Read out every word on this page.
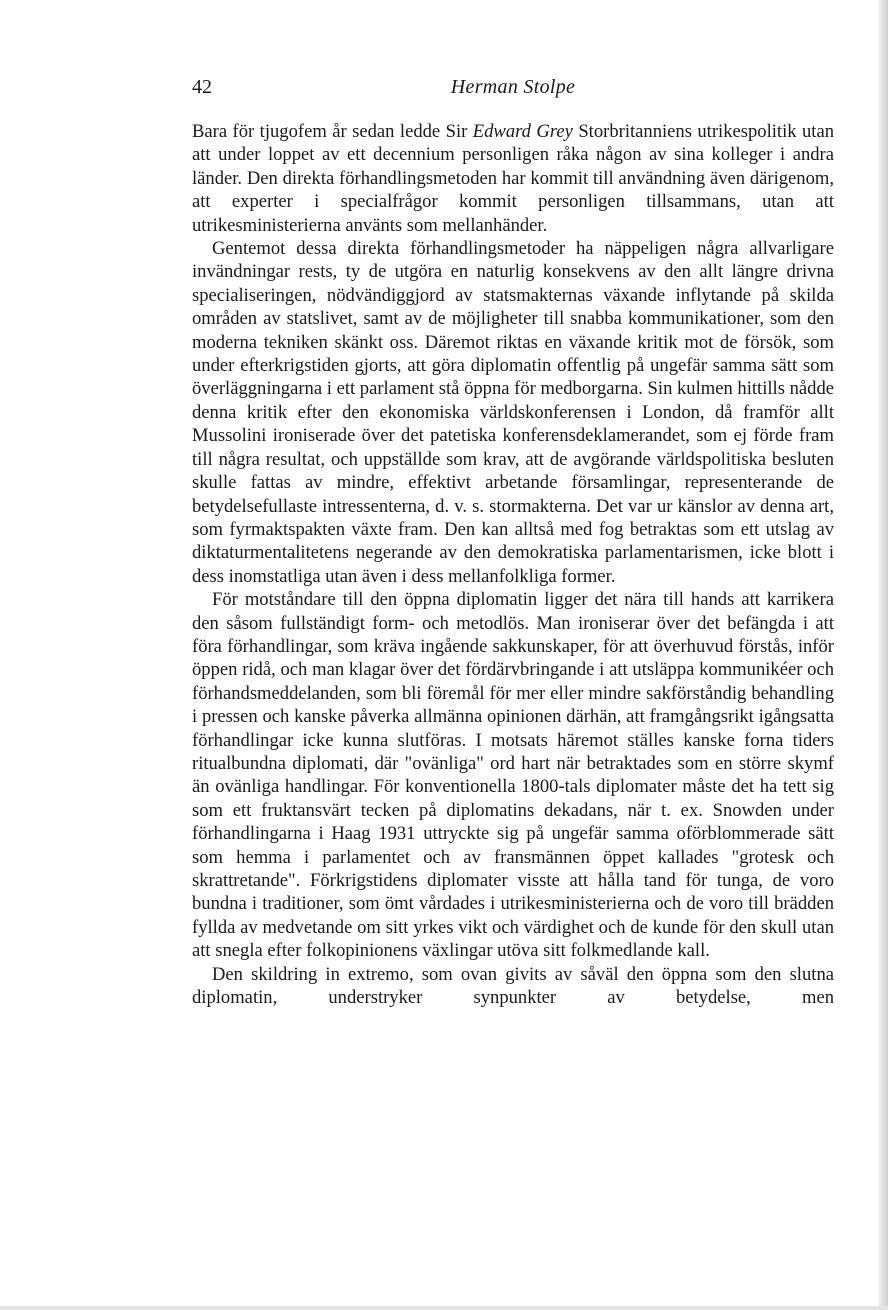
42	Herman Stolpe

Bara för tjugofem år sedan ledde Sir Edward Grey Storbritanniens utrikespolitik utan att under loppet av ett decennium personligen råka någon av sina kolleger i andra länder. Den direkta förhandlingsmetoden har kommit till användning även därigenom, att experter i specialfrågor kommit personligen tillsammans, utan att utrikesministerierna använts som mellanhänder.

Gentemot dessa direkta förhandlingsmetoder ha näppeligen några allvarligare invändningar rests, ty de utgöra en naturlig konsekvens av den allt längre drivna specialiseringen, nödvändiggjord av statsmakternas växande inflytande på skilda områden av statslivet, samt av de möjligheter till snabba kommunikationer, som den moderna tekniken skänkt oss. Däremot riktas en växande kritik mot de försök, som under efterkrigstiden gjorts, att göra diplomatin offentlig på ungefär samma sätt som överläggningarna i ett parlament stå öppna för medborgarna. Sin kulmen hittills nådde denna kritik efter den ekonomiska världskonferensen i London, då framför allt Mussolini ironiserade över det patetiska konferensdeklamerandet, som ej förde fram till några resultat, och uppställde som krav, att de avgörande världspolitiska besluten skulle fattas av mindre, effektivt arbetande församlingar, representerande de betydelsefullaste intressenterna, d. v. s. stormakterna. Det var ur känslor av denna art, som fyrmaktspakten växte fram. Den kan alltså med fog betraktas som ett utslag av diktaturmentalitetens negerande av den demokratiska parlamentarismen, icke blott i dess inomstatliga utan även i dess mellanfolkliga former.

För motståndare till den öppna diplomatin ligger det nära till hands att karrikera den såsom fullständigt form- och metodlös. Man ironiserar över det befängda i att föra förhandlingar, som kräva ingående sakkunskaper, för att överhuvud förstås, inför öppen ridå, och man klagar över det fördärvbringande i att utsläppa kommunikéer och förhandsmeddelanden, som bli föremål för mer eller mindre sakförståndig behandling i pressen och kanske påverka allmänna opinionen därhän, att framgångsrikt igångsatta förhandlingar icke kunna slutföras. I motsats häremot ställes kanske forna tiders ritualbundna diplomati, där "ovänliga" ord hart när betraktades som en större skymf än ovänliga handlingar. För konventionella 1800-tals diplomater måste det ha tett sig som ett fruktansvärt tecken på diplomatins dekadans, när t. ex. Snowden under förhandlingarna i Haag 1931 uttryckte sig på ungefär samma oförblommerade sätt som hemma i parlamentet och av fransmännen öppet kallades "grotesk och skrattretande". Förkrigstidens diplomater visste att hålla tand för tunga, de voro bundna i traditioner, som ömt vårdades i utrikesministerierna och de voro till brädden fyllda av medvetande om sitt yrkes vikt och värdighet och de kunde för den skull utan att snegla efter folkopinionens växlingar utöva sitt folkmedlande kall.

Den skildring in extremo, som ovan givits av såväl den öppna som den slutna diplomatin, understryker synpunkter av betydelse, men
